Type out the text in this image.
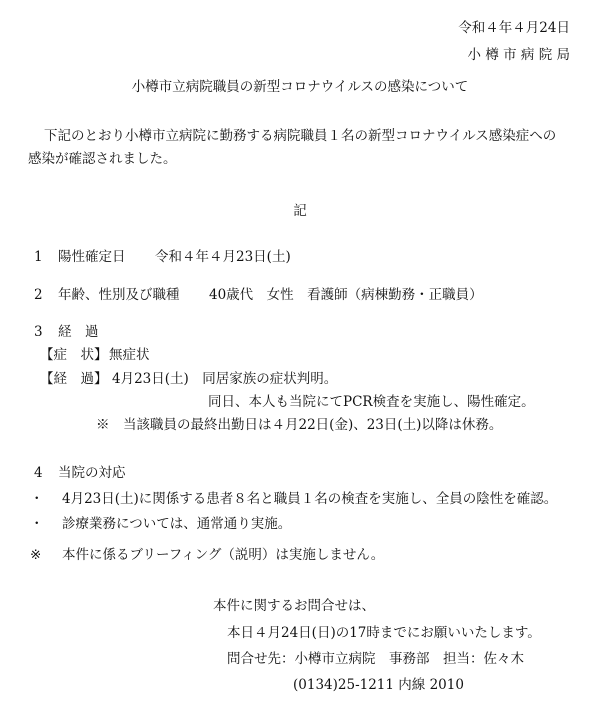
令和４年４月24日
小 樽 市 病 院 局
小樽市立病院職員の新型コロナウイルスの感染について
下記のとおり小樽市立病院に勤務する病院職員１名の新型コロナウイルス感染症への
感染が確認されました。
記
1 陽性確定日 令和４年４月23日(土)
2 年齢、性別及び職種 40歳代　女性　看護師（病棟勤務・正職員）
3 経　過
【症　状】 無症状
【経　過】 4月23日(土)　同居家族の症状判明。
同日、本人も当院にてPCR検査を実施し、陽性確定。
※　当該職員の最終出勤日は４月22日(金)、23日(土)以降は休務。
4 当院の対応
・ 4月23日(土)に関係する患者８名と職員１名の検査を実施し、全員の陰性を確認。
・ 診療業務については、通常通り実施。
※ 本件に係るブリーフィング（説明）は実施しません。
本件に関するお問合せは、
本日４月24日(日)の17時までにお願いいたします。
問合せ先：小樽市立病院　事務部　担当：佐々木
(0134)25-1211 内線 2010
